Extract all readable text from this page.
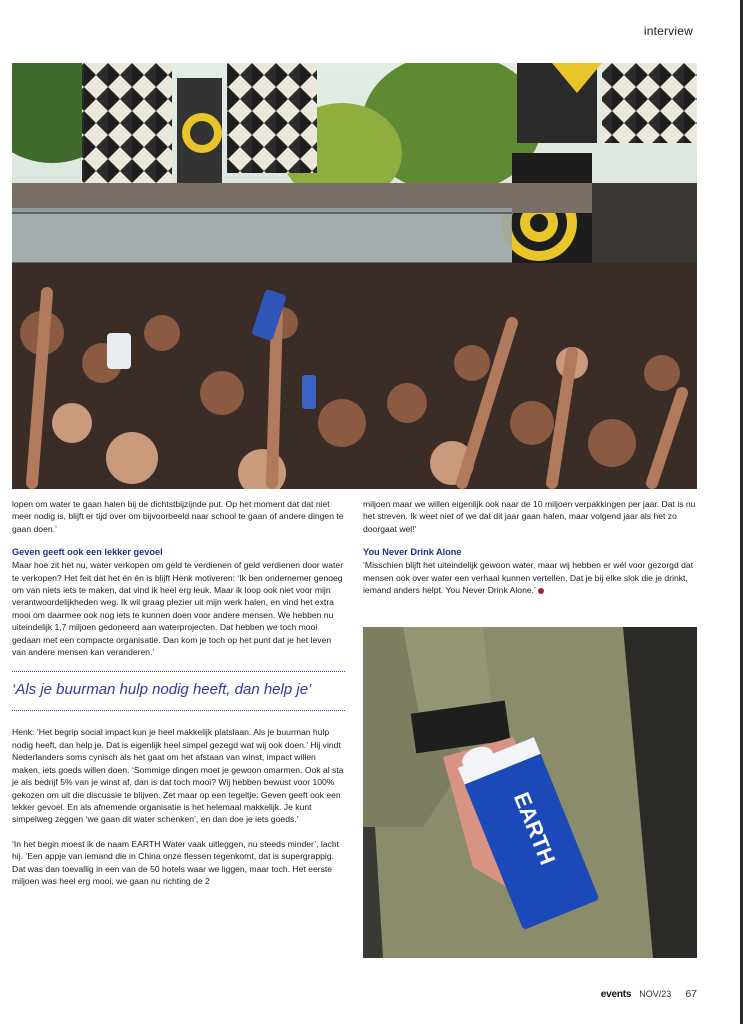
interview

lopen om water te gaan halen bij de dichtstbijzijnde put. Op het moment dat dat niet meer nodig is, blijft er tijd over om bijvoorbeeld naar school te gaan of andere dingen te gaan doen.’

Geven geeft ook een lekker gevoel

Maar hoe zit het nu, water verkopen om geld te verdienen of geld verdienen door water te verkopen? Het feit dat het én én is blijft Henk motiveren: ‘Ik ben ondernemer genoeg om van niets iets te maken, dat vind ik heel erg leuk. Maar ik loop ook niet voor mijn verantwoordelijkheden weg. Ik wil graag plezier uit mijn werk halen, en vind het extra mooi om daarmee ook nog iets te kunnen doen voor andere mensen. We hebben nu uiteindelijk 1,7 miljoen gedoneerd aan waterprojecten. Dat hebben we toch mooi gedaan met een compacte organisatie. Dan kom je toch op het punt dat je het leven van andere mensen kan veranderen.’

‘Als je buurman hulp nodig heeft, dan help je’

Henk: ‘Het begrip social impact kun je heel makkelijk platslaan. Als je buurman hulp nodig heeft, dan help je. Dat is eigenlijk heel simpel gezegd wat wij ook doen.’ Hij vindt Nederlanders soms cynisch als het gaat om het afstaan van winst, impact willen maken, iets goeds willen doen. ‘Sommige dingen moet je gewoon omarmen. Ook al sta je als bedrijf 5% van je winst af, dan is dat toch mooi? Wij hebben bewust voor 100% gekozen om uit die discussie te blijven. Zet maar op een tegeltje: Geven geeft ook een lekker gevoel. En als afnemende organisatie is het helemaal makkelijk. Je kunt simpelweg zeggen ‘we gaan dit water schenken’, en dan doe je iets goeds.’

‘In het begin moest ik de naam EARTH Water vaak uitleggen, nu steeds minder’, lacht hij. ‘Een appje van iemand die in China onze flessen tegenkomt, dat is supergrappig. Dat was dan toevallig in een van de 50 hotels waar we liggen, maar toch. Het eerste miljoen was heel erg mooi, we gaan nu richting de 2

miljoen maar we willen eigenlijk ook naar de 10 miljoen verpakkingen per jaar. Dat is nu het streven. Ik weet niet of we dat dit jaar gaan halen, maar volgend jaar als het zo doorgaat wel!’

You Never Drink Alone

‘Misschien blijft het uiteindelijk gewoon water, maar wij hebben er wél voor gezorgd dat mensen ook over water een verhaal kunnen vertellen. Dat je bij elke slok die je drinkt, iemand anders helpt. You Never Drink Alone.’

EARTH
events NOV/23 67
